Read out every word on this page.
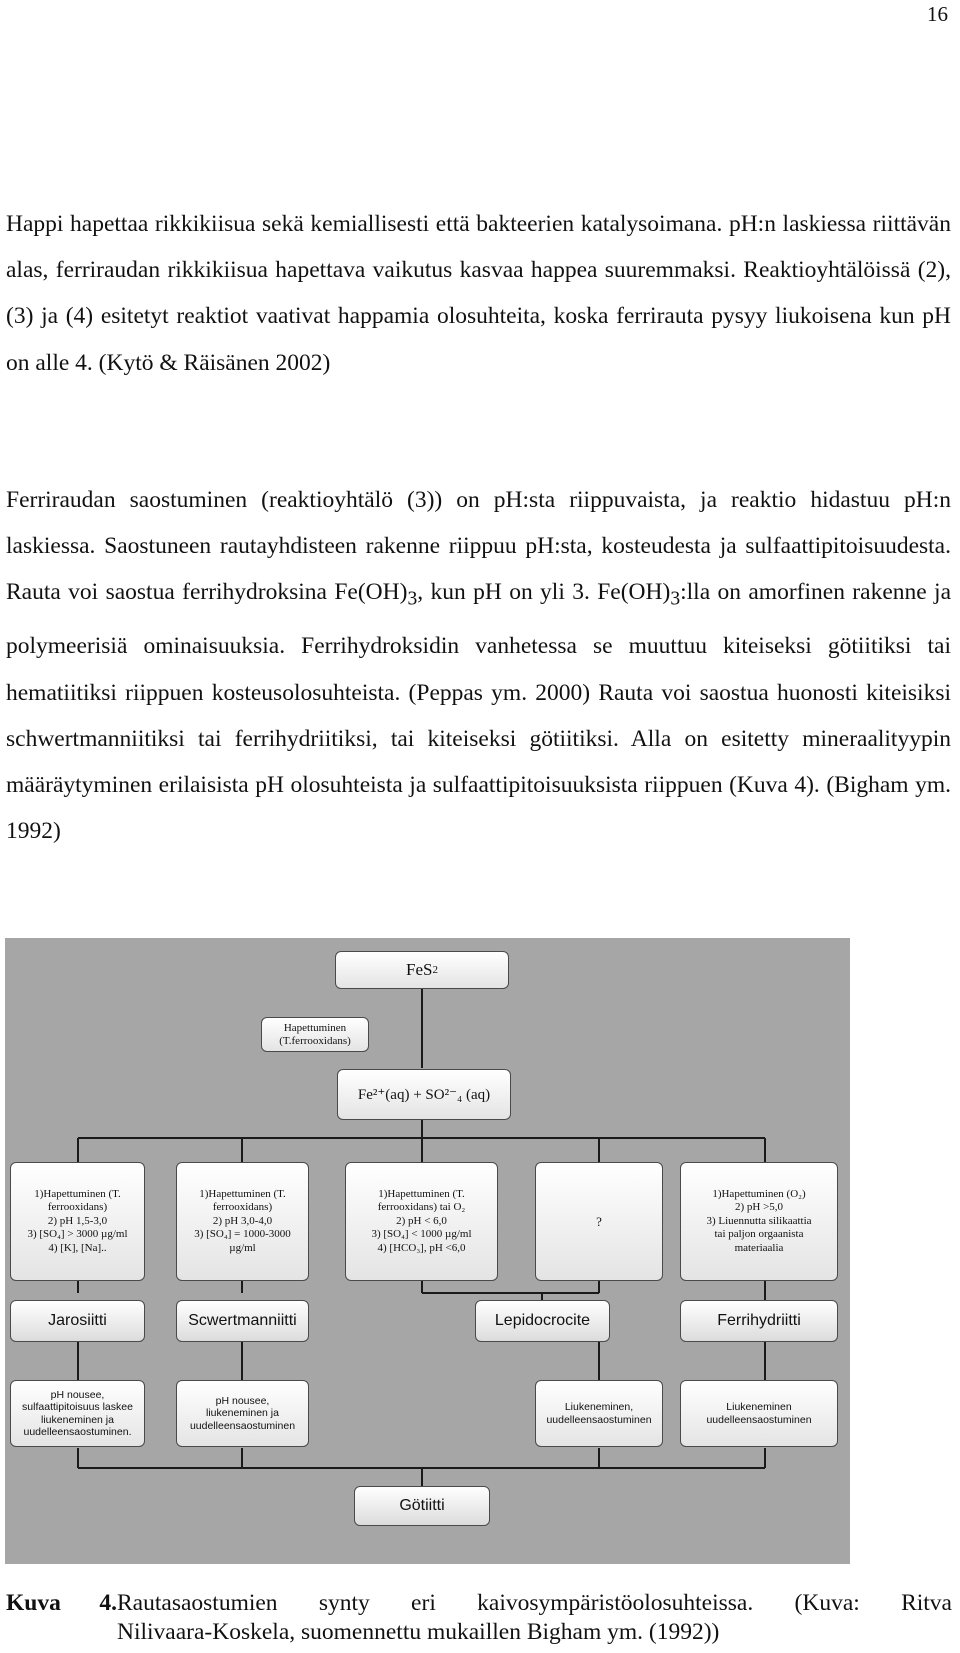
16

Happi hapettaa rikkikiisua sekä kemiallisesti että bakteerien katalysoimana. pH:n laskiessa riittävän alas, ferriraudan rikkikiisua hapettava vaikutus kasvaa happea suuremmaksi. Reaktioyhtälöissä (2), (3) ja (4) esitetyt reaktiot vaativat happamia olosuhteita, koska ferrirauta pysyy liukoisena kun pH on alle 4. (Kytö & Räisänen 2002)

Ferriraudan saostuminen (reaktioyhtälö (3)) on pH:sta riippuvaista, ja reaktio hidastuu pH:n laskiessa. Saostuneen rautayhdisteen rakenne riippuu pH:sta, kosteudesta ja sulfaattipitoisuudesta. Rauta voi saostua ferrihydroksina $Fe(OH)_3$, kun pH on yli 3. $Fe(OH)_3:lla$ on amorfinen rakenne ja polymeerisiä ominaisuuksia. Ferrihydroksidin vanhetessa se muuttuu kiteiseksi götiitiksi tai hematiitiksi riippuen kosteusolosuhteista. (Peppas ym. 2000) Rauta voi saostua huonosti kiteisiksi schwertmanniitiksi tai ferrihydriitiksi, tai kiteiseksi götiitiksi. Alla on esitetty mineraalityypin määräytyminen erilaisista pH olosuhteista ja sulfaattipitoisuuksista riippuen (Kuva 4). (Bigham ym. 1992)

FeS 2
Hapettuminen
(T.ferrooxidans)
Fe²⁺(aq) + SO²⁻₄ (aq)
1)Hapettuminen (T.
ferrooxidans)
2) pH 1,5-3,0
3) [SO₄] > 3000 µg/ml
4) [K], [Na]..
1)Hapettuminen (T.
ferrooxidans)
2) pH 3,0-4,0
3) [SO₄] = 1000-3000
µg/ml
1)Hapettuminen (T.
ferrooxidans) tai O₂
2) pH < 6,0
3) [SO₄] < 1000 µg/ml
4) [HCO₃], pH <6,0
?
1)Hapettuminen (O₂)
2) pH >5,0
3) Liuennutta silikaattia
tai paljon orgaanista
materiaalia
Jarosiitti	Scwertmanniitti	Lepidocrocite	Ferrihydriitti
pH nousee,
sulfaattipitoisuus laskee
liukeneminen ja
uudelleensaostuminen.
pH nousee,
liukeneminen ja
uudelleensaostuminen
Liukeneminen,
uudelleensaostuminen
Liukeneminen
uudelleensaostuminen
Götiitti
Kuva 4.Rautasaostumien synty eri kaivosympäristöolosuhteissa. (Kuva: Ritva
Nilivaara-Koskela, suomennettu mukaillen Bigham ym. (1992))
